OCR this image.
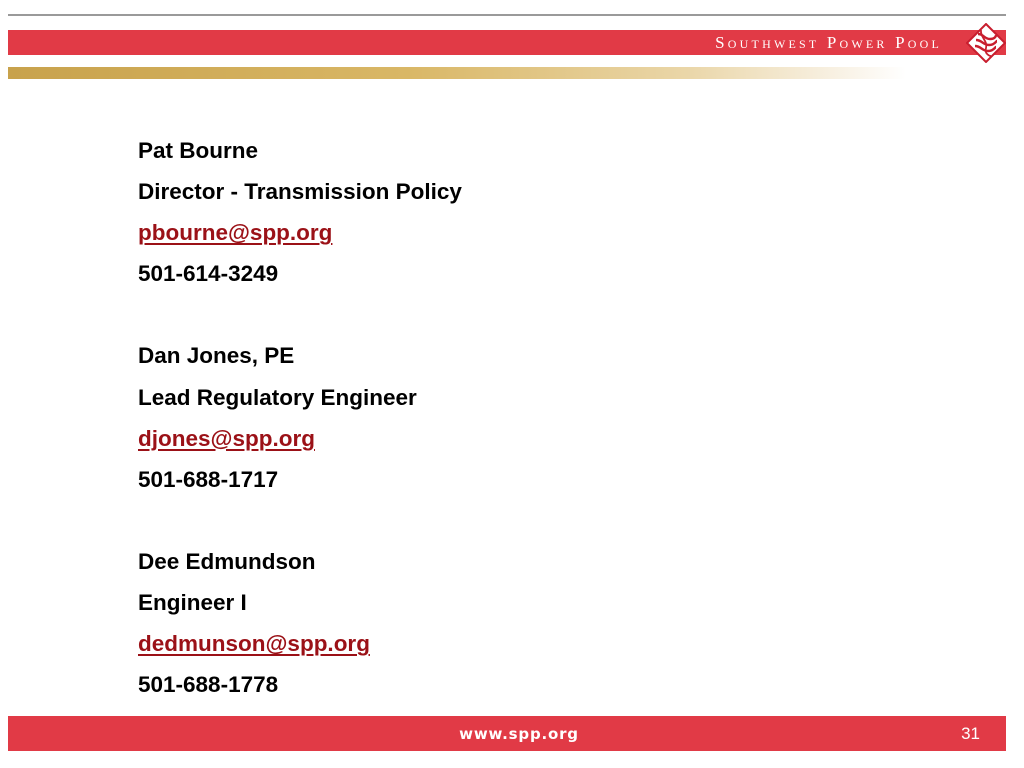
Southwest Power Pool
Pat Bourne
Director - Transmission Policy
pbourne@spp.org
501-614-3249
Dan Jones, PE
Lead Regulatory Engineer
djones@spp.org
501-688-1717
Dee Edmundson
Engineer I
dedmunson@spp.org
501-688-1778
www.spp.org	31
